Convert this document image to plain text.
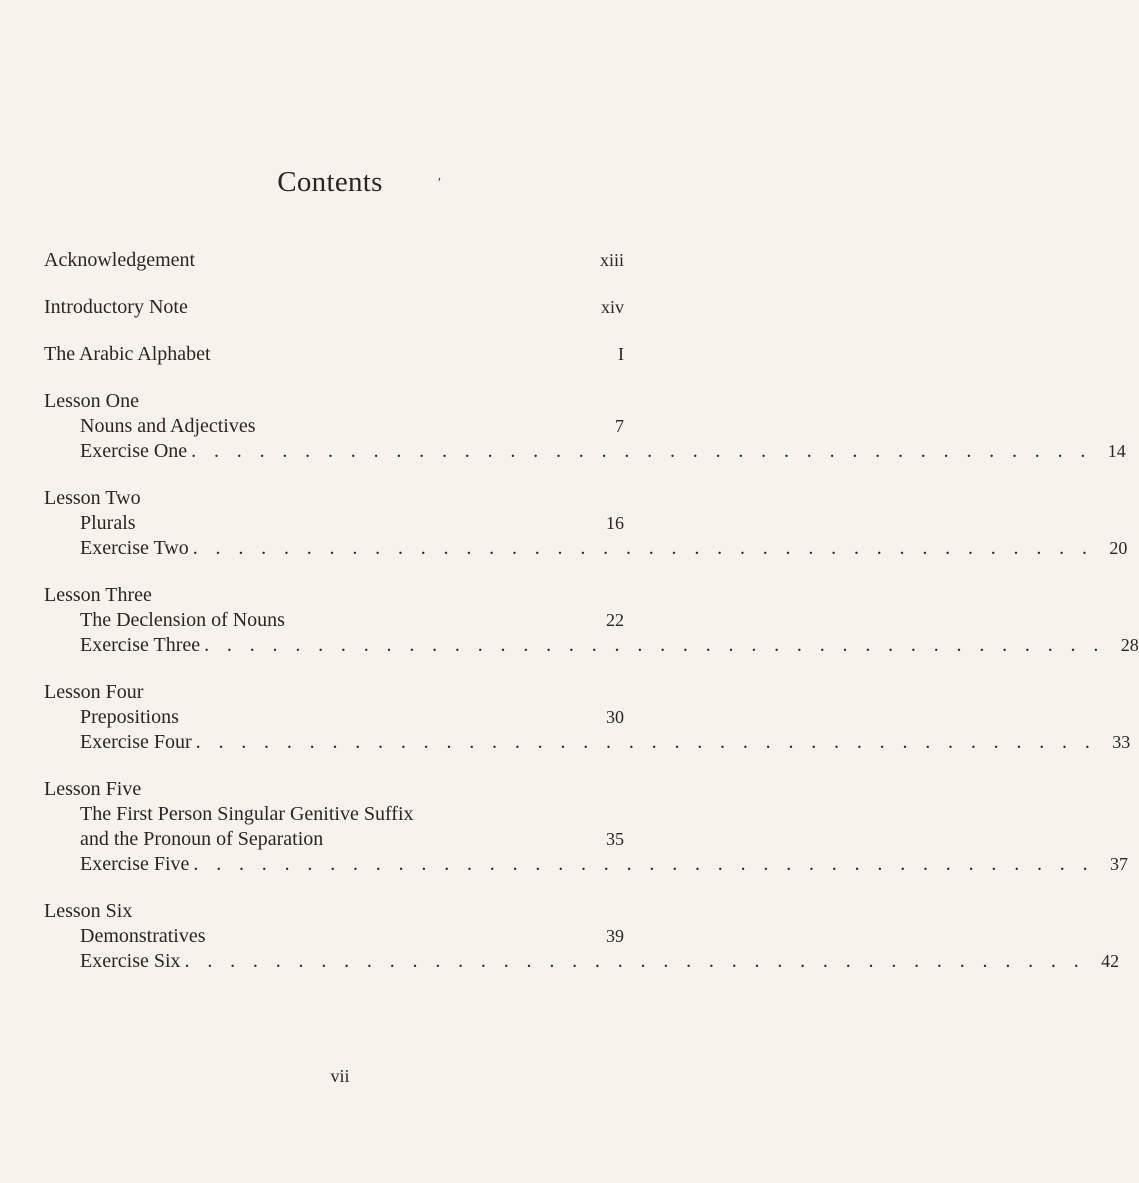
Contents	′
Acknowledgement	xiii
Introductory Note	xiv
The Arabic Alphabet	I
Lesson One
Nouns and Adjectives	7
Exercise One . . . . . . . . . . . . . . . . . . . . . . . . . . . . . . . . . . . . . . . . 14
Lesson Two
Plurals	16
Exercise Two . . . . . . . . . . . . . . . . . . . . . . . . . . . . . . . . . . . . . . . . 20
Lesson Three
The Declension of Nouns	22
Exercise Three . . . . . . . . . . . . . . . . . . . . . . . . . . . . . . . . . . . . . . . . 28
Lesson Four
Prepositions	30
Exercise Four . . . . . . . . . . . . . . . . . . . . . . . . . . . . . . . . . . . . . . . . 33
Lesson Five
The First Person Singular Genitive Suffix
and the Pronoun of Separation	35
Exercise Five . . . . . . . . . . . . . . . . . . . . . . . . . . . . . . . . . . . . . . . . 37
Lesson Six
Demonstratives	39
Exercise Six . . . . . . . . . . . . . . . . . . . . . . . . . . . . . . . . . . . . . . . . 42
vii
